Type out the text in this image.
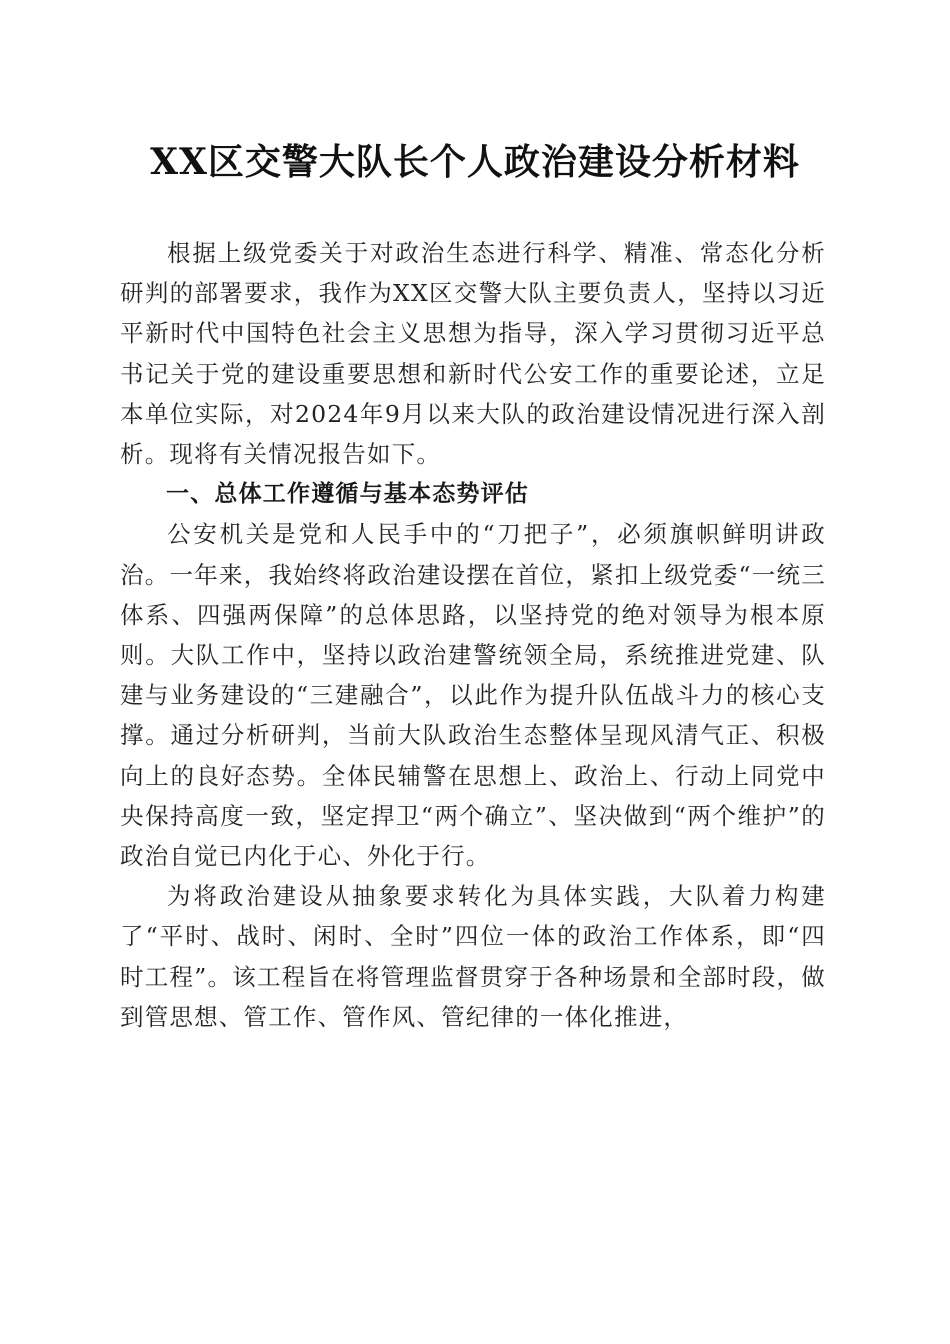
XX区交警大队长个人政治建设分析材料

根据上级党委关于对政治生态进行科学、精准、常态化分析研判的部署要求，我作为XX区交警大队主要负责人，坚持以习近平新时代中国特色社会主义思想为指导，深入学习贯彻习近平总书记关于党的建设重要思想和新时代公安工作的重要论述，立足本单位实际，对2024年9月以来大队的政治建设情况进行深入剖析。现将有关情况报告如下。

一、总体工作遵循与基本态势评估

公安机关是党和人民手中的“刀把子”，必须旗帜鲜明讲政治。一年来，我始终将政治建设摆在首位，紧扣上级党委“一统三体系、四强两保障”的总体思路，以坚持党的绝对领导为根本原则。大队工作中，坚持以政治建警统领全局，系统推进党建、队建与业务建设的“三建融合”，以此作为提升队伍战斗力的核心支撑。通过分析研判，当前大队政治生态整体呈现风清气正、积极向上的良好态势。全体民辅警在思想上、政治上、行动上同党中央保持高度一致，坚定捍卫“两个确立”、坚决做到“两个维护”的政治自觉已内化于心、外化于行。

为将政治建设从抽象要求转化为具体实践，大队着力构建了“平时、战时、闲时、全时”四位一体的政治工作体系，即“四时工程”。该工程旨在将管理监督贯穿于各种场景和全部时段，做到管思想、管工作、管作风、管纪律的一体化推进，
